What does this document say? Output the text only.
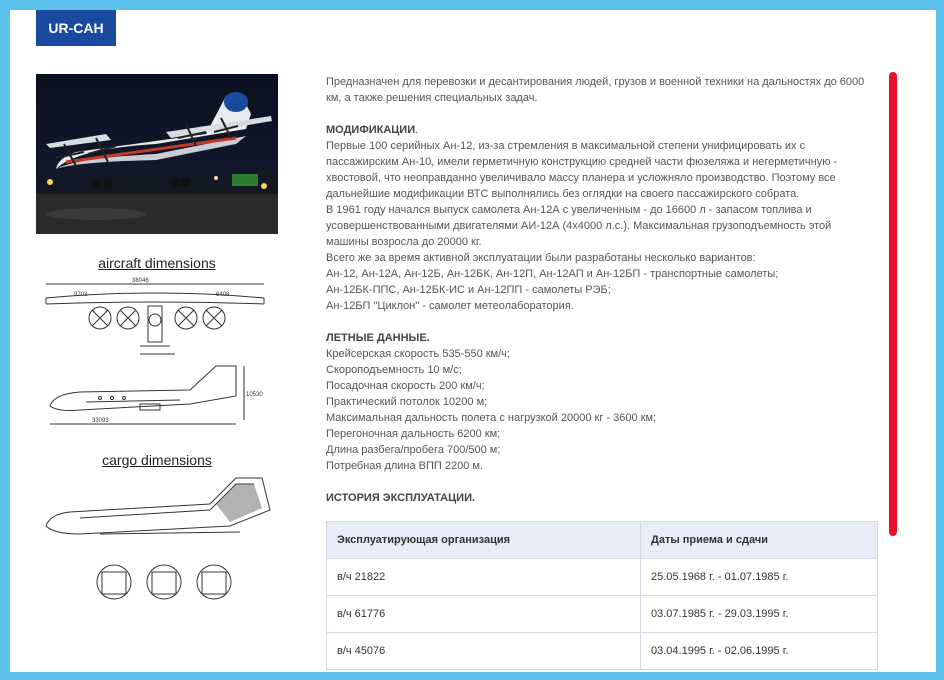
UR-CAH
aircraft dimensions
38046
9703	6408
10530
33093
cargo dimensions

Предназначен для перевозки и десантирования людей, грузов и военной техники на дальностях до 6000 км, а также решения специальных задач.

МОДИФИКАЦИИ.

Первые 100 серийных Ан-12, из-за стремления в максимальной степени унифицировать их с

пассажирским Ан-10, имели герметичную конструкцию средней части фюзеляжа и негерметичную -

хвостовой, что неоправданно увеличивало массу планера и усложняло производство. Поэтому все

дальнейшие модификации ВТС выполнялись без оглядки на своего пассажирского собрата.

В 1961 году начался выпуск самолета Ан-12А с увеличенным - до 16600 л - запасом топлива и

усовершенствованными двигателями АИ-12А (4х4000 л.с.). Максимальная грузоподъемность этой

машины возросла до 20000 кг.

Всего же за время активной эксплуатации были разработаны несколько вариантов:

Ан-12, Ан-12А, Ан-12Б, Ан-12БК, Ан-12П, Ан-12АП и Ан-12БП - транспортные самолеты;

Ан-12БК-ППС, Ан-12БК-ИС и Ан-12ПП - самолеты РЭБ;

Ан-12БП "Циклон" - самолет метеолаборатория.

ЛЕТНЫЕ ДАННЫЕ.

Крейсерская скорость 535-550 км/ч;

Скороподъемность 10 м/с;

Посадочная скорость 200 км/ч;

Практический потолок 10200 м;

Максимальная дальность полета с нагрузкой 20000 кг - 3600 км;

Перегоночная дальность 6200 км;

Длина разбега/пробега 700/500 м;

Потребная длина ВПП 2200 м.

ИСТОРИЯ ЭКСПЛУАТАЦИИ.

Эксплуатирующая организация	Даты приема и сдачи
в/ч 21822	25.05.1968 г. - 01.07.1985 г.
в/ч 61776	03.07.1985 г. - 29.03.1995 г.
в/ч 45076	03.04.1995 г. - 02.06.1995 г.
